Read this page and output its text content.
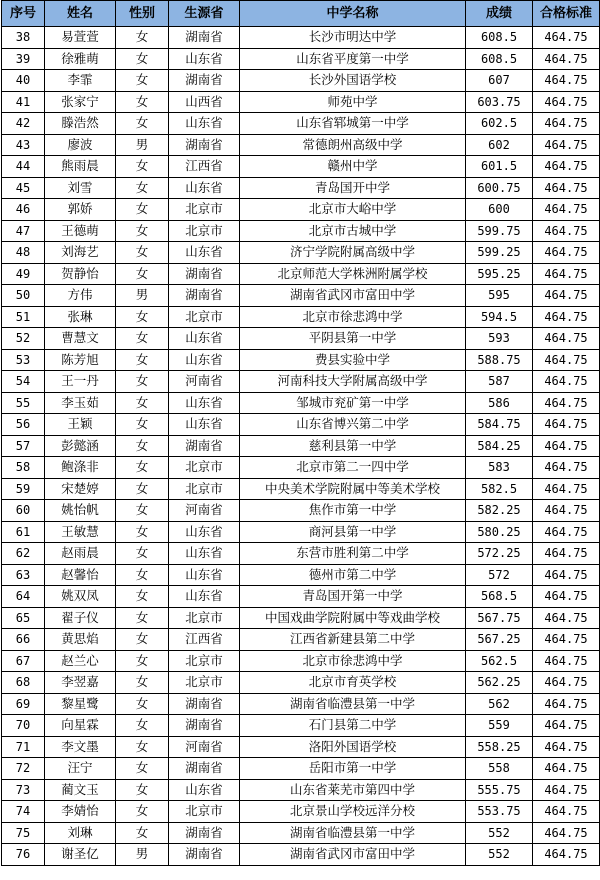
序号	姓名	性别	生源省	中学名称	成绩	合格标准
38	易萱萱	女	湖南省	长沙市明达中学	608.5	464.75
39	徐雅萌	女	山东省	山东省平度第一中学	608.5	464.75
40	李霏	女	湖南省	长沙外国语学校	607	464.75
41	张家宁	女	山西省	师苑中学	603.75	464.75
42	滕浩然	女	山东省	山东省郓城第一中学	602.5	464.75
43	廖波	男	湖南省	常德朗州高级中学	602	464.75
44	熊雨晨	女	江西省	赣州中学	601.5	464.75
45	刘雪	女	山东省	青岛国开中学	600.75	464.75
46	郭娇	女	北京市	北京市大峪中学	600	464.75
47	王德萌	女	北京市	北京市古城中学	599.75	464.75
48	刘海艺	女	山东省	济宁学院附属高级中学	599.25	464.75
49	贺静怡	女	湖南省	北京师范大学株洲附属学校	595.25	464.75
50	方伟	男	湖南省	湖南省武冈市富田中学	595	464.75
51	张琳	女	北京市	北京市徐悲鸿中学	594.5	464.75
52	曹慧文	女	山东省	平阴县第一中学	593	464.75
53	陈芳旭	女	山东省	费县实验中学	588.75	464.75
54	王一丹	女	河南省	河南科技大学附属高级中学	587	464.75
55	李玉茹	女	山东省	邹城市兖矿第一中学	586	464.75
56	王颖	女	山东省	山东省博兴第二中学	584.75	464.75
57	彭懿涵	女	湖南省	慈利县第一中学	584.25	464.75
58	鲍涤非	女	北京市	北京市第二一四中学	583	464.75
59	宋楚婷	女	北京市	中央美术学院附属中等美术学校	582.5	464.75
60	姚怡帆	女	河南省	焦作市第一中学	582.25	464.75
61	王敏慧	女	山东省	商河县第一中学	580.25	464.75
62	赵雨晨	女	山东省	东营市胜利第二中学	572.25	464.75
63	赵馨怡	女	山东省	德州市第二中学	572	464.75
64	姚双凤	女	山东省	青岛国开第一中学	568.5	464.75
65	翟子仪	女	北京市	中国戏曲学院附属中等戏曲学校	567.75	464.75
66	黄思焰	女	江西省	江西省新建县第二中学	567.25	464.75
67	赵兰心	女	北京市	北京市徐悲鸿中学	562.5	464.75
68	李翌嘉	女	北京市	北京市育英学校	562.25	464.75
69	黎星鹭	女	湖南省	湖南省临澧县第一中学	562	464.75
70	向星霖	女	湖南省	石门县第二中学	559	464.75
71	李文墨	女	河南省	洛阳外国语学校	558.25	464.75
72	汪宁	女	湖南省	岳阳市第一中学	558	464.75
73	蔺文玉	女	山东省	山东省莱芜市第四中学	555.75	464.75
74	李婧怡	女	北京市	北京景山学校远洋分校	553.75	464.75
75	刘琳	女	湖南省	湖南省临澧县第一中学	552	464.75
76	谢圣亿	男	湖南省	湖南省武冈市富田中学	552	464.75
